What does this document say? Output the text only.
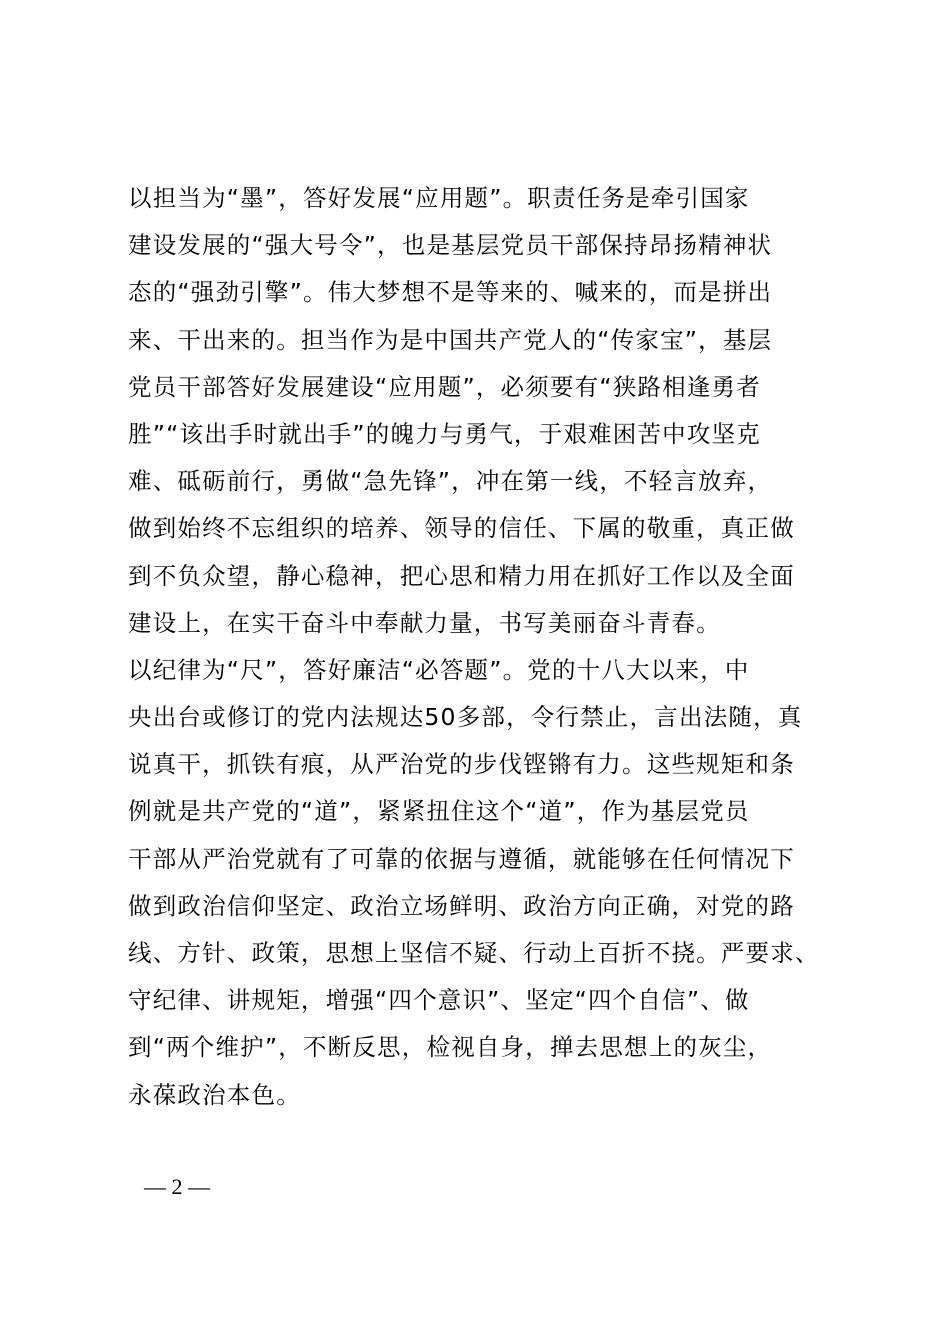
以担当为“墨”，答好发展“应用题”。职责任务是牵引国家
建设发展的“强大号令”，也是基层党员干部保持昂扬精神状
态的“强劲引擎”。伟大梦想不是等来的、喊来的，而是拼出
来、干出来的。担当作为是中国共产党人的“传家宝”，基层
党员干部答好发展建设“应用题”，必须要有“狭路相逢勇者
胜”“该出手时就出手”的魄力与勇气，于艰难困苦中攻坚克
难、砥砺前行，勇做“急先锋”，冲在第一线，不轻言放弃，
做到始终不忘组织的培养、领导的信任、下属的敬重，真正做
到不负众望，静心稳神，把心思和精力用在抓好工作以及全面
建设上，在实干奋斗中奉献力量，书写美丽奋斗青春。

以纪律为“尺”，答好廉洁“必答题”。党的十八大以来，中
央出台或修订的党内法规达50多部，令行禁止，言出法随，真
说真干，抓铁有痕，从严治党的步伐铿锵有力。这些规矩和条
例就是共产党的“道”，紧紧扭住这个“道”，作为基层党员
干部从严治党就有了可靠的依据与遵循，就能够在任何情况下
做到政治信仰坚定、政治立场鲜明、政治方向正确，对党的路
线、方针、政策，思想上坚信不疑、行动上百折不挠。严要求、
守纪律、讲规矩，增强“四个意识”、坚定“四个自信”、做
到“两个维护”，不断反思，检视自身，掸去思想上的灰尘，
永葆政治本色。

— 2 —
